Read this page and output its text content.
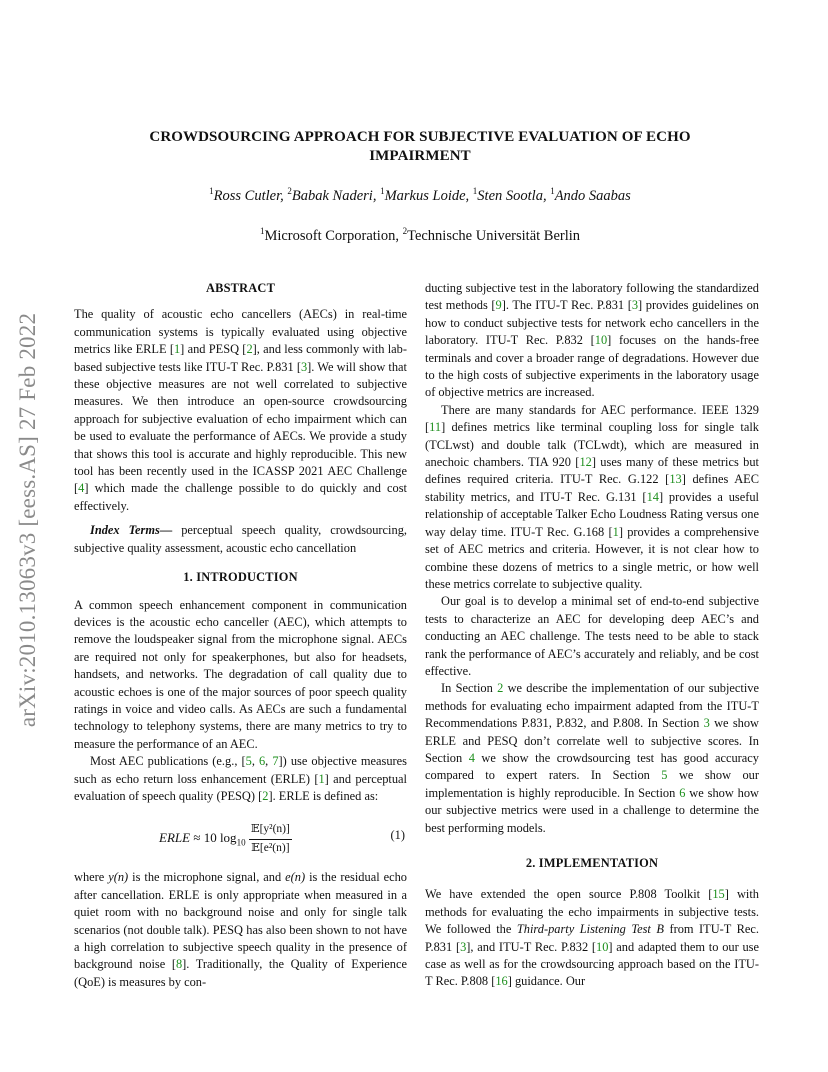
arXiv:2010.13063v3 [eess.AS] 27 Feb 2022
CROWDSOURCING APPROACH FOR SUBJECTIVE EVALUATION OF ECHO IMPAIRMENT
$^1$Ross Cutler, $^2$Babak Naderi, $^1$Markus Loide, $^1$Sten Sootla, $^1$Ando Saabas
$^1$Microsoft Corporation, $^2$Technische Universität Berlin
ABSTRACT

The quality of acoustic echo cancellers (AECs) in real-time communication systems is typically evaluated using objective metrics like ERLE [1] and PESQ [2], and less commonly with lab-based subjective tests like ITU-T Rec. P.831 [3]. We will show that these objective measures are not well correlated to subjective measures. We then introduce an open-source crowdsourcing approach for subjective evaluation of echo impairment which can be used to evaluate the performance of AECs. We provide a study that shows this tool is accurate and highly reproducible. This new tool has been recently used in the ICASSP 2021 AEC Challenge [4] which made the challenge possible to do quickly and cost effectively.

Index Terms— perceptual speech quality, crowdsourcing, subjective quality assessment, acoustic echo cancellation

1. INTRODUCTION

A common speech enhancement component in communication devices is the acoustic echo canceller (AEC), which attempts to remove the loudspeaker signal from the microphone signal. AECs are required not only for speakerphones, but also for headsets, handsets, and networks. The degradation of call quality due to acoustic echoes is one of the major sources of poor speech quality ratings in voice and video calls. As AECs are such a fundamental technology to telephony systems, there are many metrics to try to measure the performance of an AEC.

Most AEC publications (e.g., [5, 6, 7]) use objective measures such as echo return loss enhancement (ERLE) [1] and perceptual evaluation of speech quality (PESQ) [2]. ERLE is defined as:

ERLE ≈ 10 $\log_{10} \frac{\text{𝔼[y²(n)]}}{\text{𝔼[e²(n)]}}$	(1)

where y(n) is the microphone signal, and e(n) is the residual echo after cancellation. ERLE is only appropriate when measured in a quiet room with no background noise and only for single talk scenarios (not double talk). PESQ has also been shown to not have a high correlation to subjective speech quality in the presence of background noise [8]. Traditionally, the Quality of Experience (QoE) is measures by con-

ducting subjective test in the laboratory following the standardized test methods [9]. The ITU-T Rec. P.831 [3] provides guidelines on how to conduct subjective tests for network echo cancellers in the laboratory. ITU-T Rec. P.832 [10] focuses on the hands-free terminals and cover a broader range of degradations. However due to the high costs of subjective experiments in the laboratory usage of objective metrics are increased.

There are many standards for AEC performance. IEEE 1329 [11] defines metrics like terminal coupling loss for single talk (TCLwst) and double talk (TCLwdt), which are measured in anechoic chambers. TIA 920 [12] uses many of these metrics but defines required criteria. ITU-T Rec. G.122 [13] defines AEC stability metrics, and ITU-T Rec. G.131 [14] provides a useful relationship of acceptable Talker Echo Loudness Rating versus one way delay time. ITU-T Rec. G.168 [1] provides a comprehensive set of AEC metrics and criteria. However, it is not clear how to combine these dozens of metrics to a single metric, or how well these metrics correlate to subjective quality.

Our goal is to develop a minimal set of end-to-end subjective tests to characterize an AEC for developing deep AEC’s and conducting an AEC challenge. The tests need to be able to stack rank the performance of AEC’s accurately and reliably, and be cost effective.

In Section 2 we describe the implementation of our subjective methods for evaluating echo impairment adapted from the ITU-T Recommendations P.831, P.832, and P.808. In Section 3 we show ERLE and PESQ don’t correlate well to subjective scores. In Section 4 we show the crowdsourcing test has good accuracy compared to expert raters. In Section 5 we show our implementation is highly reproducible. In Section 6 we show how our subjective metrics were used in a challenge to determine the best performing models.

2. IMPLEMENTATION

We have extended the open source P.808 Toolkit [15] with methods for evaluating the echo impairments in subjective tests. We followed the Third-party Listening Test B from ITU-T Rec. P.831 [3], and ITU-T Rec. P.832 [10] and adapted them to our use case as well as for the crowdsourcing approach based on the ITU-T Rec. P.808 [16] guidance. Our
